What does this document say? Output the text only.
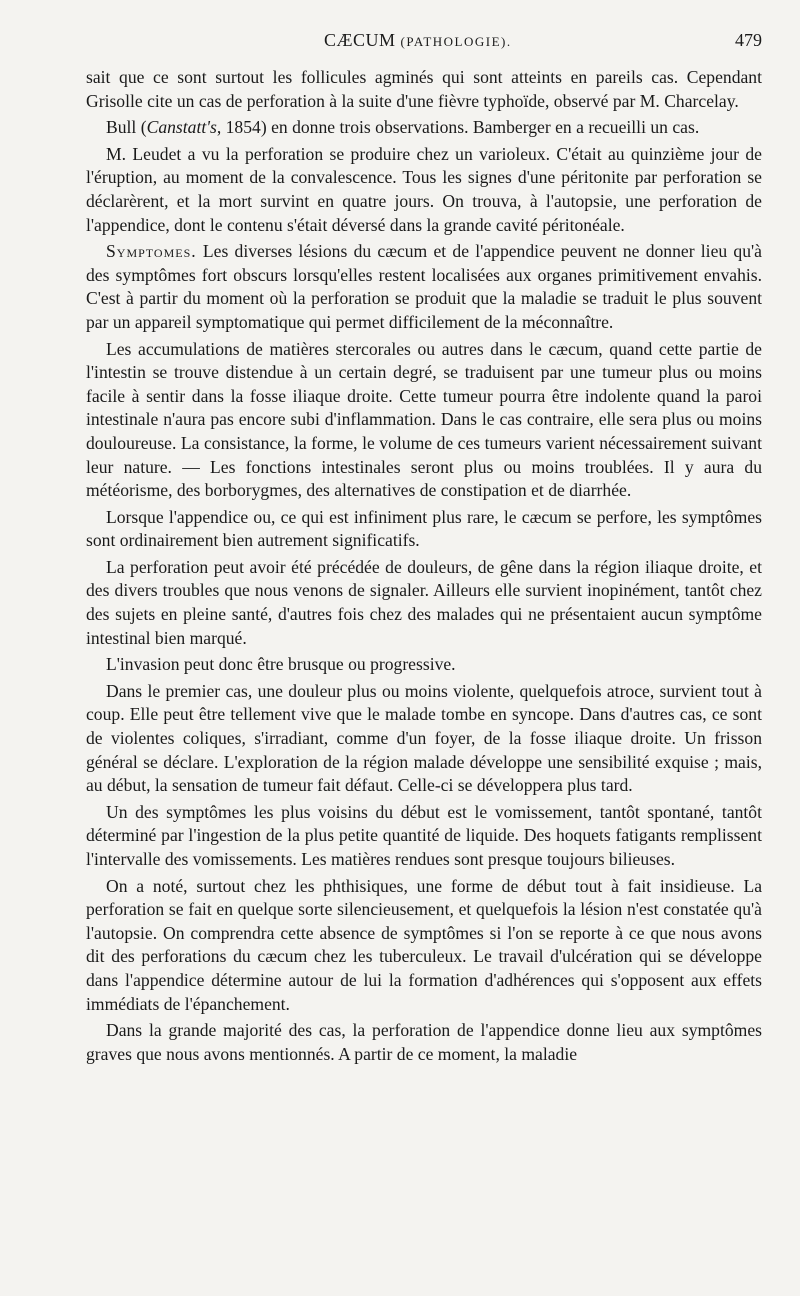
CÆCUM (PATHOLOGIE).	479

sait que ce sont surtout les follicules agminés qui sont atteints en pareils cas. Cependant Grisolle cite un cas de perforation à la suite d'une fièvre typhoïde, observé par M. Charcelay.

Bull (Canstatt's, 1854) en donne trois observations. Bamberger en a recueilli un cas.

M. Leudet a vu la perforation se produire chez un varioleux. C'était au quinzième jour de l'éruption, au moment de la convalescence. Tous les signes d'une péritonite par perforation se déclarèrent, et la mort survint en quatre jours. On trouva, à l'autopsie, une perforation de l'appendice, dont le contenu s'était déversé dans la grande cavité péritonéale.

Symptomes. Les diverses lésions du cæcum et de l'appendice peuvent ne donner lieu qu'à des symptômes fort obscurs lorsqu'elles restent localisées aux organes primitivement envahis. C'est à partir du moment où la perforation se produit que la maladie se traduit le plus souvent par un appareil symptomatique qui permet difficilement de la méconnaître.

Les accumulations de matières stercorales ou autres dans le cæcum, quand cette partie de l'intestin se trouve distendue à un certain degré, se traduisent par une tumeur plus ou moins facile à sentir dans la fosse iliaque droite. Cette tumeur pourra être indolente quand la paroi intestinale n'aura pas encore subi d'inflammation. Dans le cas contraire, elle sera plus ou moins douloureuse. La consistance, la forme, le volume de ces tumeurs varient nécessairement suivant leur nature. — Les fonctions intestinales seront plus ou moins troublées. Il y aura du météorisme, des borborygmes, des alternatives de constipation et de diarrhée.

Lorsque l'appendice ou, ce qui est infiniment plus rare, le cæcum se perfore, les symptômes sont ordinairement bien autrement significatifs.

La perforation peut avoir été précédée de douleurs, de gêne dans la région iliaque droite, et des divers troubles que nous venons de signaler. Ailleurs elle survient inopinément, tantôt chez des sujets en pleine santé, d'autres fois chez des malades qui ne présentaient aucun symptôme intestinal bien marqué.

L'invasion peut donc être brusque ou progressive.

Dans le premier cas, une douleur plus ou moins violente, quelquefois atroce, survient tout à coup. Elle peut être tellement vive que le malade tombe en syncope. Dans d'autres cas, ce sont de violentes coliques, s'irradiant, comme d'un foyer, de la fosse iliaque droite. Un frisson général se déclare. L'exploration de la région malade développe une sensibilité exquise ; mais, au début, la sensation de tumeur fait défaut. Celle-ci se développera plus tard.

Un des symptômes les plus voisins du début est le vomissement, tantôt spontané, tantôt déterminé par l'ingestion de la plus petite quantité de liquide. Des hoquets fatigants remplissent l'intervalle des vomissements. Les matières rendues sont presque toujours bilieuses.

On a noté, surtout chez les phthisiques, une forme de début tout à fait insidieuse. La perforation se fait en quelque sorte silencieusement, et quelquefois la lésion n'est constatée qu'à l'autopsie. On comprendra cette absence de symptômes si l'on se reporte à ce que nous avons dit des perforations du cæcum chez les tuberculeux. Le travail d'ulcération qui se développe dans l'appendice détermine autour de lui la formation d'adhérences qui s'opposent aux effets immédiats de l'épanchement.

Dans la grande majorité des cas, la perforation de l'appendice donne lieu aux symptômes graves que nous avons mentionnés. A partir de ce moment, la maladie
